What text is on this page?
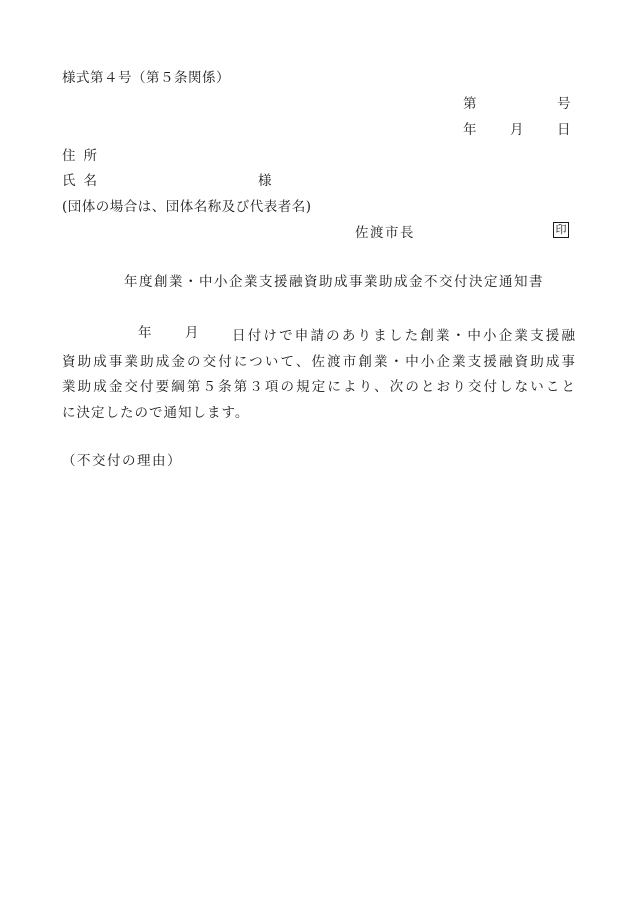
様式第４号（第５条関係）
第	号
年 月 日
住所
氏名	様
(団体の場合は、団体名称及び代表者名)
佐渡市長	印
年度創業・中小企業支援融資助成事業助成金不交付決定通知書
年 月	日付けで申請のありました創業・中小企業支援融
資助成事業助成金の交付について、佐渡市創業・中小企業支援融資助成事
業助成金交付要綱第５条第３項の規定により、次のとおり交付しないこと
に決定したので通知します。
（不交付の理由）
